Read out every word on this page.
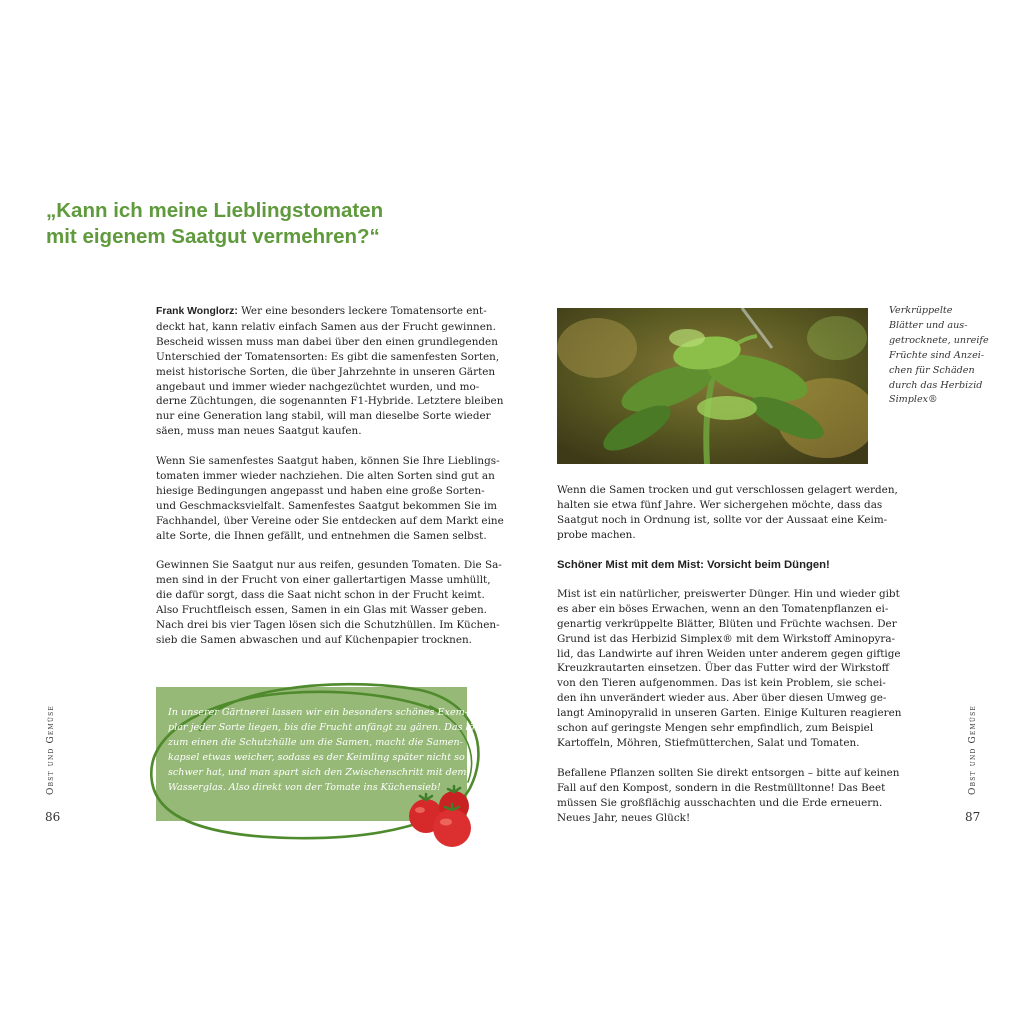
„Kann ich meine Lieblingstomaten
mit eigenem Saatgut vermehren?“

Frank Wonglorz: Wer eine besonders leckere Tomatensorte ent-
deckt hat, kann relativ einfach Samen aus der Frucht gewinnen.
Bescheid wissen muss man dabei über den einen grundlegenden
Unterschied der Tomatensorten: Es gibt die samenfesten Sorten,
meist historische Sorten, die über Jahrzehnte in unseren Gärten
angebaut und immer wieder nachgezüchtet wurden, und mo-
derne Züchtungen, die sogenannten F1-Hybride. Letztere bleiben
nur eine Generation lang stabil, will man dieselbe Sorte wieder
säen, muss man neues Saatgut kaufen.

Wenn Sie samenfestes Saatgut haben, können Sie Ihre Lieblings-
tomaten immer wieder nachziehen. Die alten Sorten sind gut an
hiesige Bedingungen angepasst und haben eine große Sorten-
und Geschmacksvielfalt. Samenfestes Saatgut bekommen Sie im
Fachhandel, über Vereine oder Sie entdecken auf dem Markt eine
alte Sorte, die Ihnen gefällt, und entnehmen die Samen selbst.

Gewinnen Sie Saatgut nur aus reifen, gesunden Tomaten. Die Sa-
men sind in der Frucht von einer gallertartigen Masse umhüllt,
die dafür sorgt, dass die Saat nicht schon in der Frucht keimt.
Also Fruchtfleisch essen, Samen in ein Glas mit Wasser geben.
Nach drei bis vier Tagen lösen sich die Schutzhüllen. Im Küchen-
sieb die Samen abwaschen und auf Küchenpapier trocknen.

In unserer Gärtnerei lassen wir ein besonders schönes Exem-
plar jeder Sorte liegen, bis die Frucht anfängt zu gären. Das löst
zum einen die Schutzhülle um die Samen, macht die Samen-
kapsel etwas weicher, sodass es der Keimling später nicht so
schwer hat, und man spart sich den Zwischenschritt mit dem
Wasserglas. Also direkt von der Tomate ins Küchensieb!
Verkrüppelte
Blätter und aus-
getrocknete, unreife
Früchte sind Anzei-
chen für Schäden
durch das Herbizid
Simplex®

Wenn die Samen trocken und gut verschlossen gelagert werden,
halten sie etwa fünf Jahre. Wer sichergehen möchte, dass das
Saatgut noch in Ordnung ist, sollte vor der Aussaat eine Keim-
probe machen.

Schöner Mist mit dem Mist: Vorsicht beim Düngen!

Mist ist ein natürlicher, preiswerter Dünger. Hin und wieder gibt
es aber ein böses Erwachen, wenn an den Tomatenpflanzen ei-
genartig verkrüppelte Blätter, Blüten und Früchte wachsen. Der
Grund ist das Herbizid Simplex® mit dem Wirkstoff Aminopyra-
lid, das Landwirte auf ihren Weiden unter anderem gegen giftige
Kreuzkrautarten einsetzen. Über das Futter wird der Wirkstoff
von den Tieren aufgenommen. Das ist kein Problem, sie schei-
den ihn unverändert wieder aus. Aber über diesen Umweg ge-
langt Aminopyralid in unseren Garten. Einige Kulturen reagieren
schon auf geringste Mengen sehr empfindlich, zum Beispiel
Kartoffeln, Möhren, Stiefmütterchen, Salat und Tomaten.

Befallene Pflanzen sollten Sie direkt entsorgen – bitte auf keinen
Fall auf den Kompost, sondern in die Restmülltonne! Das Beet
müssen Sie großflächig ausschachten und die Erde erneuern.
Neues Jahr, neues Glück!

Obst und Gemüse	Obst und Gemüse
86	87
